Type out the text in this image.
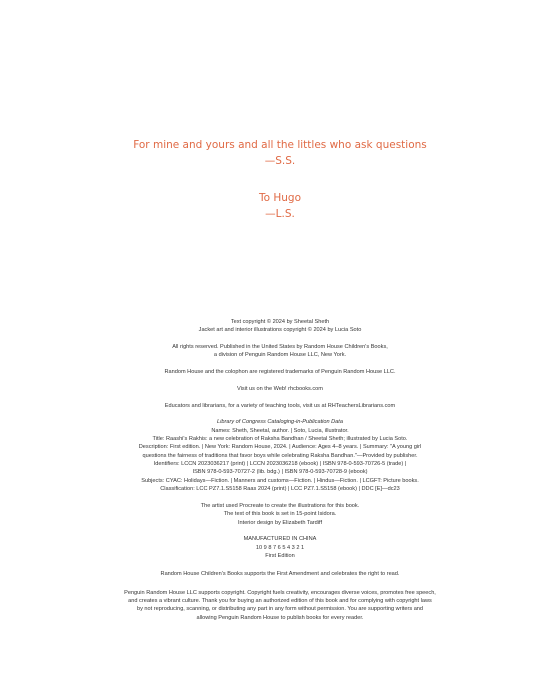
For mine and yours and all the littles who ask questions
—S.S.
To Hugo
—L.S.

Text copyright © 2024 by Sheetal Sheth

Jacket art and interior illustrations copyright © 2024 by Lucia Soto

All rights reserved. Published in the United States by Random House Children's Books,

a division of Penguin Random House LLC, New York.

Random House and the colophon are registered trademarks of Penguin Random House LLC.

Visit us on the Web! rhcbooks.com

Educators and librarians, for a variety of teaching tools, visit us at RHTeachersLibrarians.com

Library of Congress Cataloging-in-Publication Data

Names: Sheth, Sheetal, author. | Soto, Lucia, illustrator.

Title: Raashi's Rakhis: a new celebration of Raksha Bandhan / Sheetal Sheth; illustrated by Lucia Soto.

Description: First edition. | New York: Random House, 2024. | Audience: Ages 4–8 years. | Summary: "A young girl

questions the fairness of traditions that favor boys while celebrating Raksha Bandhan."—Provided by publisher.

Identifiers: LCCN 2023036217 (print) | LCCN 2023036218 (ebook) | ISBN 978-0-593-70726-5 (trade) |

ISBN 978-0-593-70727-2 (lib. bdg.) | ISBN 978-0-593-70728-9 (ebook)

Subjects: CYAC: Holidays—Fiction. | Manners and customs—Fiction. | Hindus—Fiction. | LCGFT: Picture books.

Classification: LCC PZ7.1.S5158 Raas 2024 (print) | LCC PZ7.1.S5158 (ebook) | DDC [E]—dc23

The artist used Procreate to create the illustrations for this book.

The text of this book is set in 15-point Isidora.

Interior design by Elizabeth Tardiff

MANUFACTURED IN CHINA

10 9 8 7 6 5 4 3 2 1

First Edition

Random House Children's Books supports the First Amendment and celebrates the right to read.

Penguin Random House LLC supports copyright. Copyright fuels creativity, encourages diverse voices, promotes free speech,

and creates a vibrant culture. Thank you for buying an authorized edition of this book and for complying with copyright laws

by not reproducing, scanning, or distributing any part in any form without permission. You are supporting writers and

allowing Penguin Random House to publish books for every reader.
